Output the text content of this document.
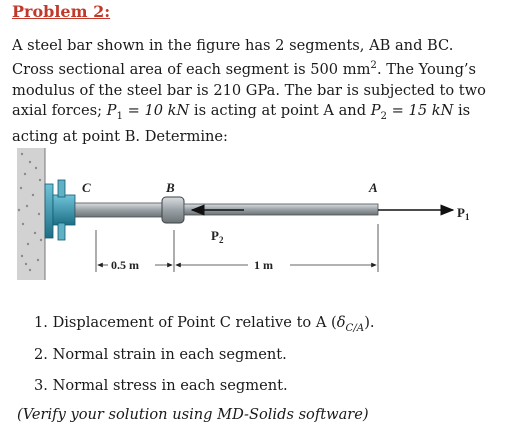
Problem 2:

A steel bar shown in the figure has 2 segments, AB and BC. Cross sectional area of each segment is 500 $mm^2$. The Young’s modulus of the steel bar is 210 GPa. The bar is subjected to two axial forces; $P_1 = 10$ kN is acting at point A and $P_2 = 15$ kN is acting at point B. Determine:

C	B	A
$P_1$
$P_2$
0.5 m	1 m
1. Displacement of Point C relative to A $(\delta_{C/A})$.
2. Normal strain in each segment.
3. Normal stress in each segment.
(Verify your solution using MD-Solids software)
